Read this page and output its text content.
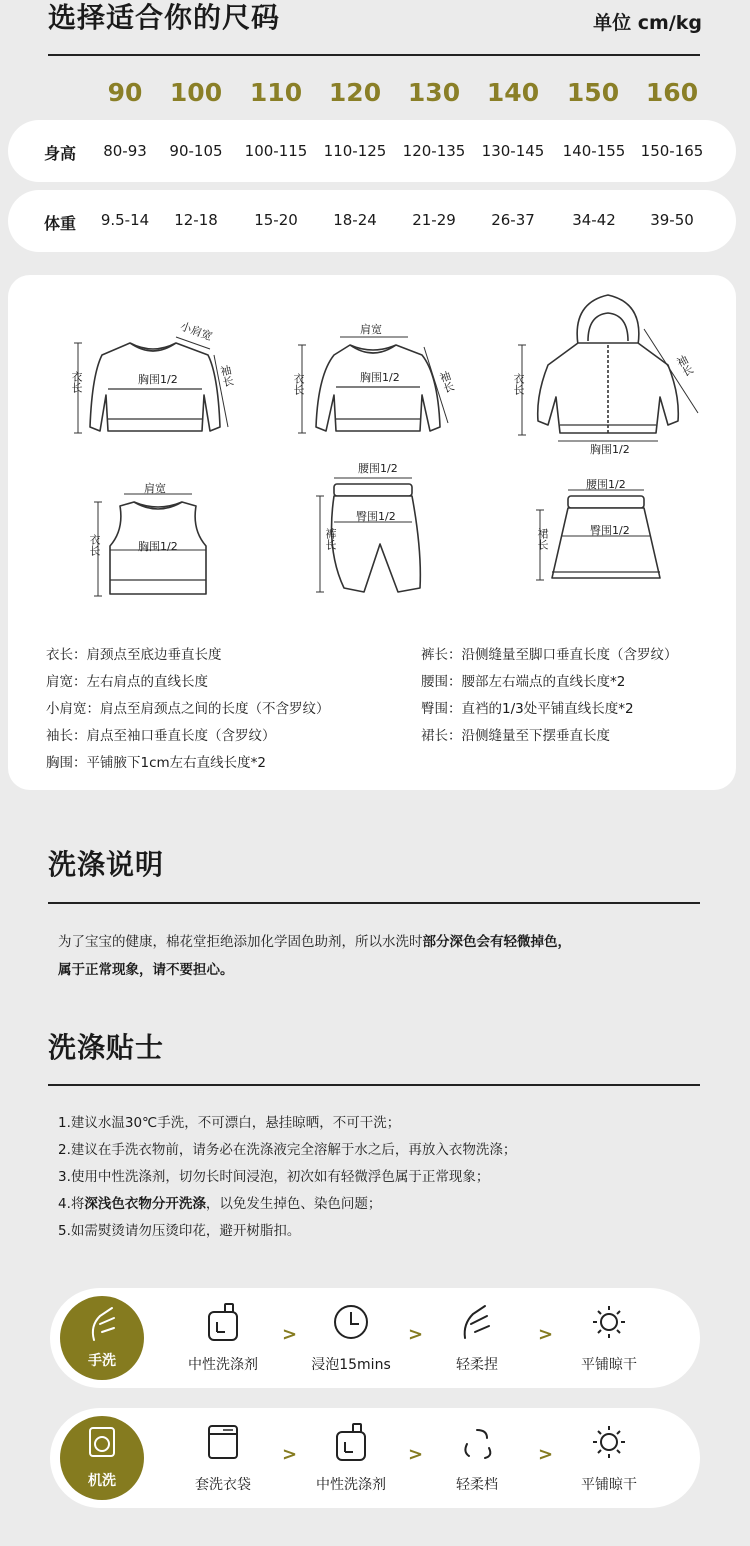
选择适合你的尺码	单位 cm/kg
90	100	110	120	130	140	150	160
身高	80-93	90-105	100-115	110-125	120-135	130-145	140-155	150-165
体重	9.5-14	12-18	15-20	18-24	21-29	26-37	34-42	39-50
衣长	胸围1/2
小肩宽
袖长
肩宽
衣长	胸围1/2	袖长	衣长
胸围1/2
袖长
肩宽
衣长	胸围1/2
腰围1/2
臀围1/2
裤长
腰围1/2
臀围1/2
裙长
衣长：肩颈点至底边垂直长度
肩宽：左右肩点的直线长度
小肩宽：肩点至肩颈点之间的长度（不含罗纹）
袖长：肩点至袖口垂直长度（含罗纹）
胸围：平铺腋下1cm左右直线长度*2
裤长：沿侧缝量至脚口垂直长度（含罗纹）
腰围：腰部左右端点的直线长度*2
臀围：直裆的1/3处平铺直线长度*2
裙长：沿侧缝量至下摆垂直长度
洗涤说明
为了宝宝的健康，棉花堂拒绝添加化学固色助剂，所以水洗时部分深色会有轻微掉色，
属于正常现象，请不要担心。
洗涤贴士
1.建议水温30℃手洗，不可漂白，悬挂晾晒，不可干洗；
2.建议在手洗衣物前，请务必在洗涤液完全溶解于水之后，再放入衣物洗涤；
3.使用中性洗涤剂，切勿长时间浸泡，初次如有轻微浮色属于正常现象；
4.将深浅色衣物分开洗涤，以免发生掉色、染色问题；
5.如需熨烫请勿压烫印花，避开树脂扣。
手洗	中性洗涤剂
>
浸泡15mins
>
轻柔捏
>
平铺晾干
机洗	套洗衣袋
>
中性洗涤剂
>
轻柔档
>
平铺晾干
